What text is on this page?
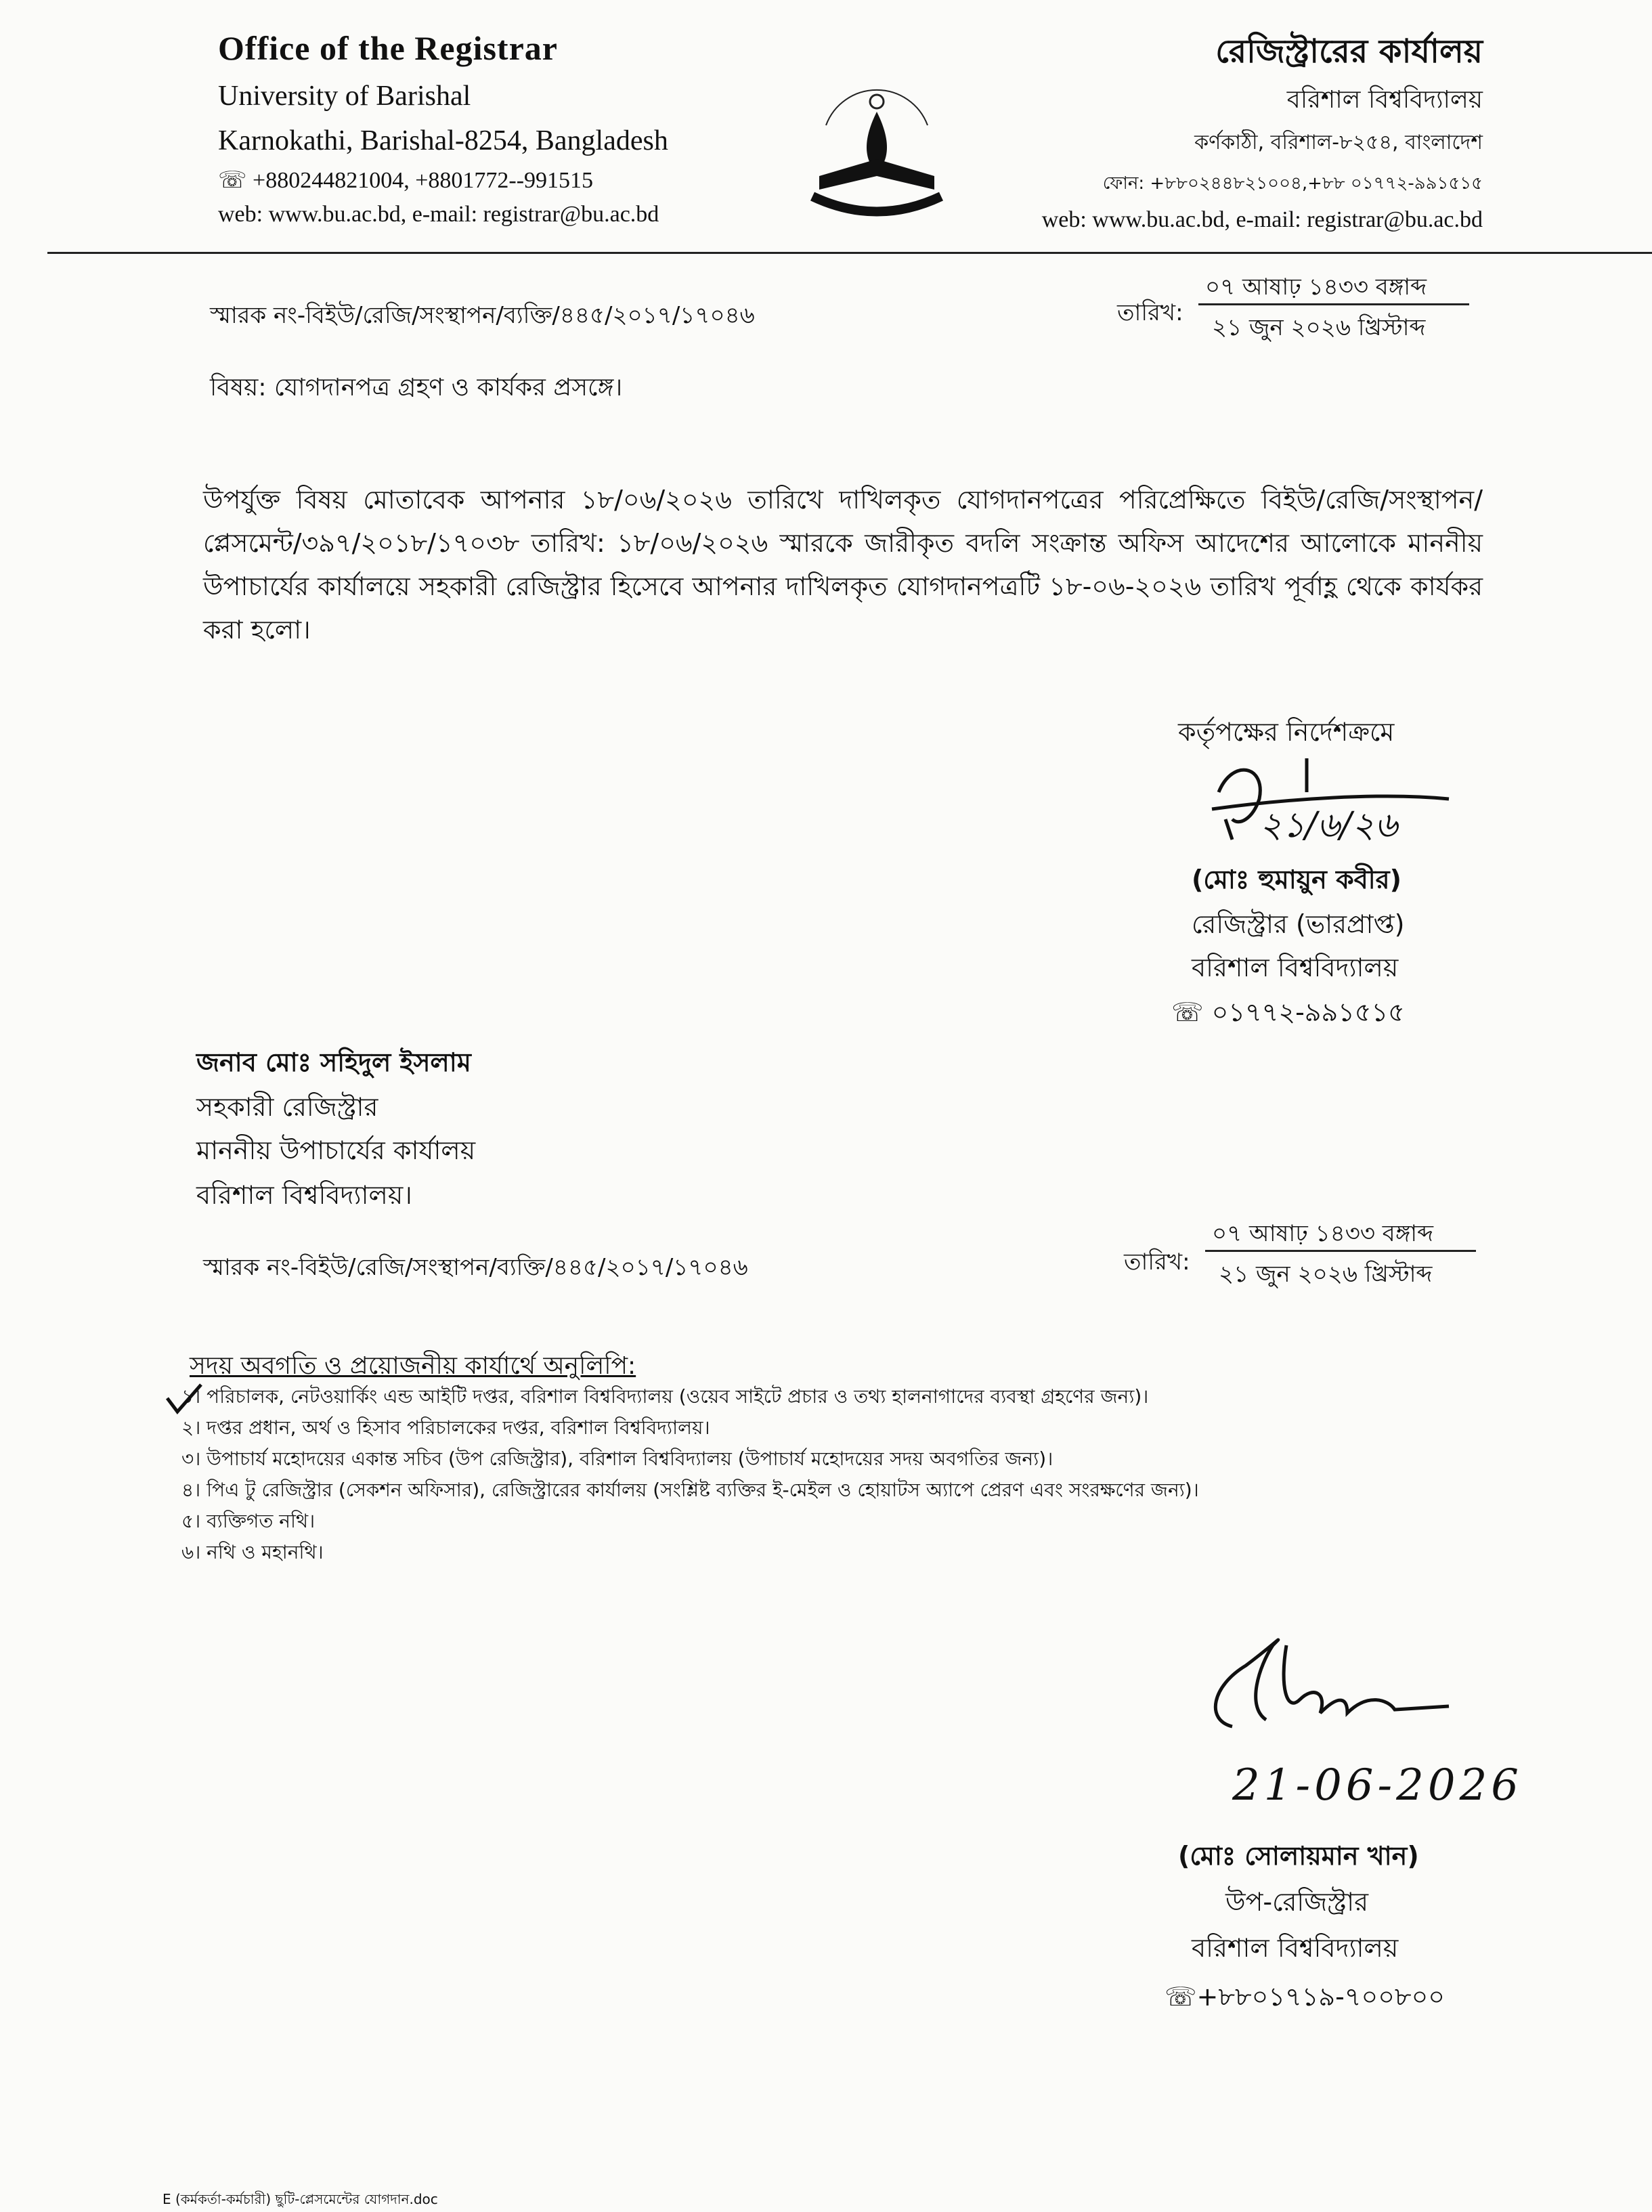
Office of the Registrar
University of Barishal
Karnokathi, Barishal-8254, Bangladesh
☏ +880244821004, +8801772--991515
web: www.bu.ac.bd, e-mail: registrar@bu.ac.bd
রেজিস্ট্রারের কার্যালয়
বরিশাল বিশ্ববিদ্যালয়
কর্ণকাঠী, বরিশাল-৮২৫৪, বাংলাদেশ
ফোন: +৮৮০২৪৪৮২১০০৪,+৮৮ ০১৭৭২-৯৯১৫১৫
web: www.bu.ac.bd, e-mail: registrar@bu.ac.bd
স্মারক নং-বিইউ/রেজি/সংস্থাপন/ব্যক্তি/৪৪৫/২০১৭/১৭০৪৬	তারিখ:
০৭ আষাঢ় ১৪৩৩ বঙ্গাব্দ
২১ জুন ২০২৬ খ্রিস্টাব্দ
বিষয়: যোগদানপত্র গ্রহণ ও কার্যকর প্রসঙ্গে।
উপর্যুক্ত বিষয় মোতাবেক আপনার ১৮/০৬/২০২৬ তারিখে দাখিলকৃত যোগদানপত্রের পরিপ্রেক্ষিতে বিইউ/রেজি/সংস্থাপন/প্লেসমেন্ট/৩৯৭/২০১৮/১৭০৩৮ তারিখ: ১৮/০৬/২০২৬ স্মারকে জারীকৃত বদলি সংক্রান্ত অফিস আদেশের আলোকে মাননীয় উপাচার্যের কার্যালয়ে সহকারী রেজিস্ট্রার হিসেবে আপনার দাখিলকৃত যোগদানপত্রটি ১৮-০৬-২০২৬ তারিখ পূর্বাহ্ণ থেকে কার্যকর করা হলো।
কর্তৃপক্ষের নির্দেশক্রমে
২১/৬/২৬
(মোঃ হুমায়ুন কবীর)
রেজিস্ট্রার (ভারপ্রাপ্ত)
বরিশাল বিশ্ববিদ্যালয়
☏ ০১৭৭২-৯৯১৫১৫
জনাব মোঃ সহিদুল ইসলাম
সহকারী রেজিস্ট্রার
মাননীয় উপাচার্যের কার্যালয়
বরিশাল বিশ্ববিদ্যালয়।
স্মারক নং-বিইউ/রেজি/সংস্থাপন/ব্যক্তি/৪৪৫/২০১৭/১৭০৪৬	তারিখ:
০৭ আষাঢ় ১৪৩৩ বঙ্গাব্দ
২১ জুন ২০২৬ খ্রিস্টাব্দ
সদয় অবগতি ও প্রয়োজনীয় কার্যার্থে অনুলিপি:
১। পরিচালক, নেটওয়ার্কিং এন্ড আইটি দপ্তর, বরিশাল বিশ্ববিদ্যালয় (ওয়েব সাইটে প্রচার ও তথ্য হালনাগাদের ব্যবস্থা গ্রহণের জন্য)।
২। দপ্তর প্রধান, অর্থ ও হিসাব পরিচালকের দপ্তর, বরিশাল বিশ্ববিদ্যালয়।
৩। উপাচার্য মহোদয়ের একান্ত সচিব (উপ রেজিস্ট্রার), বরিশাল বিশ্ববিদ্যালয় (উপাচার্য মহোদয়ের সদয় অবগতির জন্য)।
৪। পিএ টু রেজিস্ট্রার (সেকশন অফিসার), রেজিস্ট্রারের কার্যালয় (সংশ্লিষ্ট ব্যক্তির ই-মেইল ও হোয়াটস অ্যাপে প্রেরণ এবং সংরক্ষণের জন্য)।
৫। ব্যক্তিগত নথি।
৬। নথি ও মহানথি।
21-06-2026
(মোঃ সোলায়মান খান)
উপ-রেজিস্ট্রার
বরিশাল বিশ্ববিদ্যালয়
☏+৮৮০১৭১৯-৭০০৮০০
E (কর্মকর্তা-কর্মচারী) ছুটি-প্লেসমেন্টের যোগদান.doc
